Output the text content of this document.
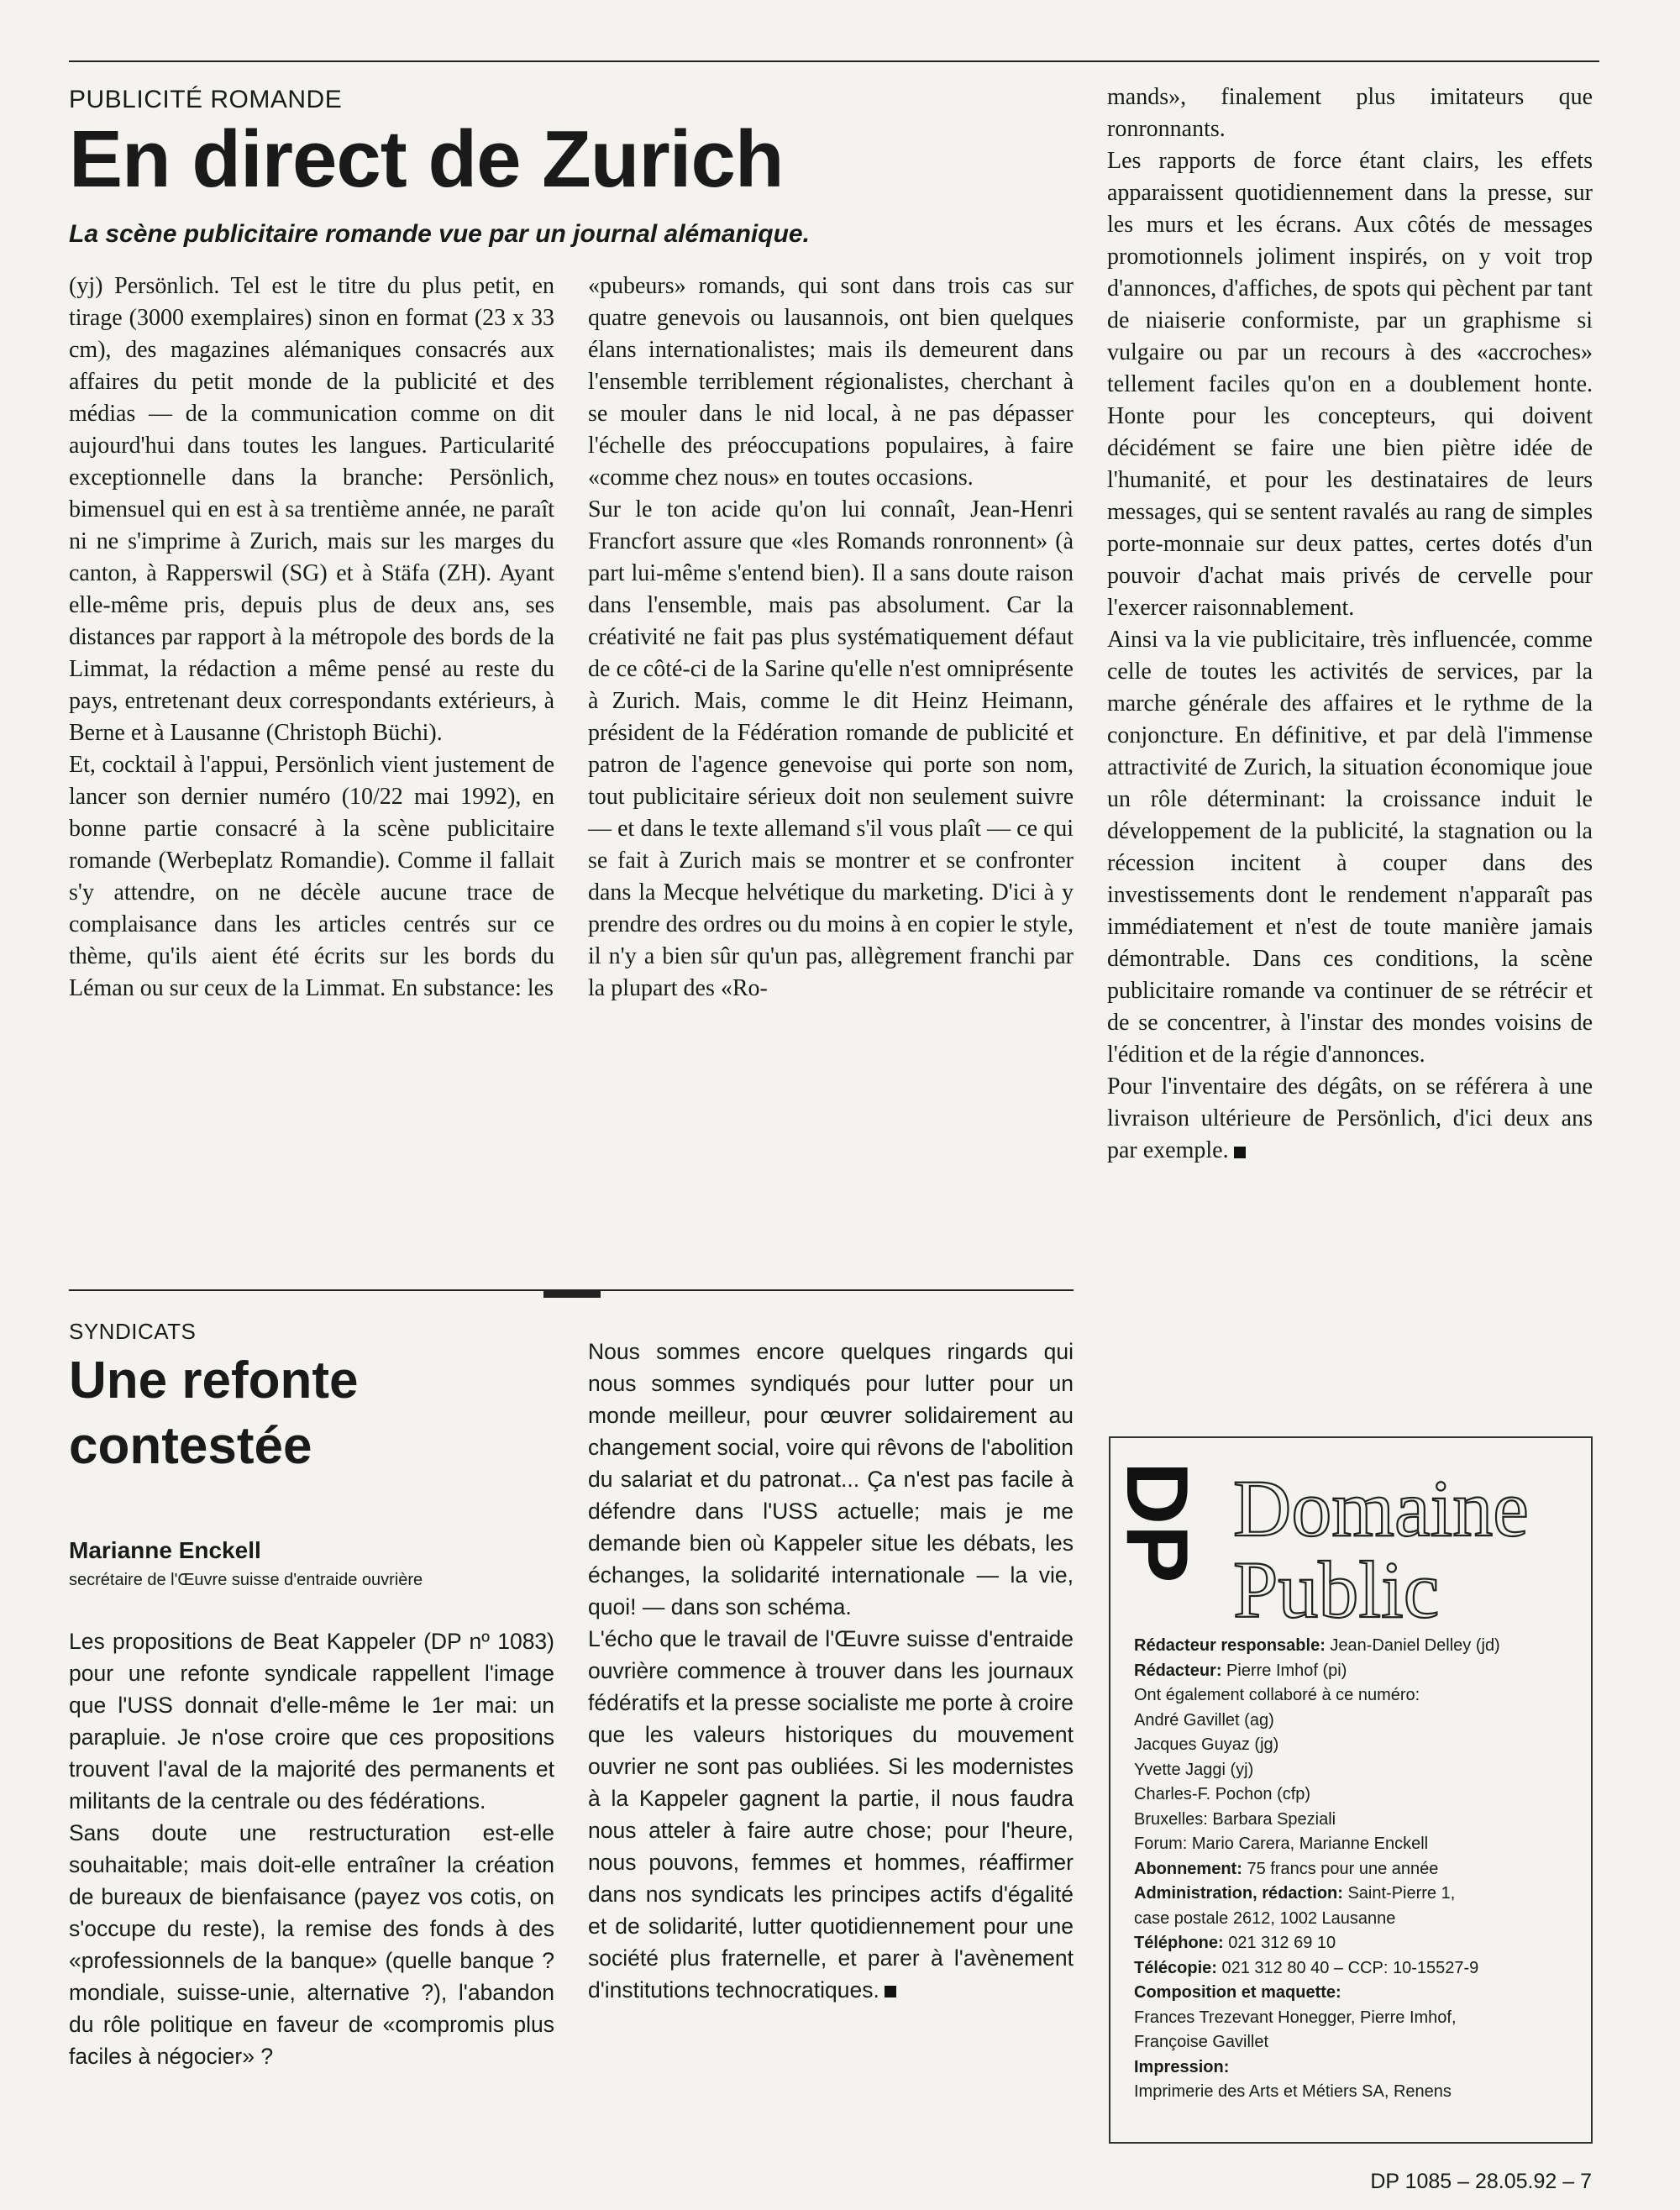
PUBLICITÉ ROMANDE
En direct de Zurich
La scène publicitaire romande vue par un journal alémanique.

(yj) Persönlich. Tel est le titre du plus petit, en tirage (3000 exemplaires) sinon en format (23 x 33 cm), des magazines alémaniques consacrés aux affaires du petit monde de la publicité et des médias — de la communication comme on dit aujourd'hui dans toutes les langues. Particularité exceptionnelle dans la branche: Persönlich, bimensuel qui en est à sa trentième année, ne paraît ni ne s'imprime à Zurich, mais sur les marges du canton, à Rapperswil (SG) et à Stäfa (ZH). Ayant elle-même pris, depuis plus de deux ans, ses distances par rapport à la métropole des bords de la Limmat, la rédaction a même pensé au reste du pays, entretenant deux correspondants extérieurs, à Berne et à Lausanne (Christoph Büchi).

Et, cocktail à l'appui, Persönlich vient justement de lancer son dernier numéro (10/22 mai 1992), en bonne partie consacré à la scène publicitaire romande (Werbeplatz Romandie). Comme il fallait s'y attendre, on ne décèle aucune trace de complaisance dans les articles centrés sur ce thème, qu'ils aient été écrits sur les bords du Léman ou sur ceux de la Limmat. En substance: les

«pubeurs» romands, qui sont dans trois cas sur quatre genevois ou lausannois, ont bien quelques élans internationalistes; mais ils demeurent dans l'ensemble terriblement régionalistes, cherchant à se mouler dans le nid local, à ne pas dépasser l'échelle des préoccupations populaires, à faire «comme chez nous» en toutes occasions.

Sur le ton acide qu'on lui connaît, Jean-Henri Francfort assure que «les Romands ronronnent» (à part lui-même s'entend bien). Il a sans doute raison dans l'ensemble, mais pas absolument. Car la créativité ne fait pas plus systématiquement défaut de ce côté-ci de la Sarine qu'elle n'est omniprésente à Zurich. Mais, comme le dit Heinz Heimann, président de la Fédération romande de publicité et patron de l'agence genevoise qui porte son nom, tout publicitaire sérieux doit non seulement suivre — et dans le texte allemand s'il vous plaît — ce qui se fait à Zurich mais se montrer et se confronter dans la Mecque helvétique du marketing. D'ici à y prendre des ordres ou du moins à en copier le style, il n'y a bien sûr qu'un pas, allègrement franchi par la plupart des «Ro-

mands», finalement plus imitateurs que ronronnants.

Les rapports de force étant clairs, les effets apparaissent quotidiennement dans la presse, sur les murs et les écrans. Aux côtés de messages promotionnels joliment inspirés, on y voit trop d'annonces, d'affiches, de spots qui pèchent par tant de niaiserie conformiste, par un graphisme si vulgaire ou par un recours à des «accroches» tellement faciles qu'on en a doublement honte. Honte pour les concepteurs, qui doivent décidément se faire une bien piètre idée de l'humanité, et pour les destinataires de leurs messages, qui se sentent ravalés au rang de simples porte-monnaie sur deux pattes, certes dotés d'un pouvoir d'achat mais privés de cervelle pour l'exercer raisonnablement.

Ainsi va la vie publicitaire, très influencée, comme celle de toutes les activités de services, par la marche générale des affaires et le rythme de la conjoncture. En définitive, et par delà l'immense attractivité de Zurich, la situation économique joue un rôle déterminant: la croissance induit le développement de la publicité, la stagnation ou la récession incitent à couper dans des investissements dont le rendement n'apparaît pas immédiatement et n'est de toute manière jamais démontrable. Dans ces conditions, la scène publicitaire romande va continuer de se rétrécir et de se concentrer, à l'instar des mondes voisins de l'édition et de la régie d'annonces.

Pour l'inventaire des dégâts, on se référera à une livraison ultérieure de Persönlich, d'ici deux ans par exemple.

SYNDICATS
Une refonte contestée
Marianne Enckell
secrétaire de l'Œuvre suisse d'entraide ouvrière

Les propositions de Beat Kappeler (DP nº 1083) pour une refonte syndicale rappellent l'image que l'USS donnait d'elle-même le 1er mai: un parapluie. Je n'ose croire que ces propositions trouvent l'aval de la majorité des permanents et militants de la centrale ou des fédérations.

Sans doute une restructuration est-elle souhaitable; mais doit-elle entraîner la création de bureaux de bienfaisance (payez vos cotis, on s'occupe du reste), la remise des fonds à des «professionnels de la banque» (quelle banque ? mondiale, suisse-unie, alternative ?), l'abandon du rôle politique en faveur de «compromis plus faciles à négocier» ?

Nous sommes encore quelques ringards qui nous sommes syndiqués pour lutter pour un monde meilleur, pour œuvrer solidairement au changement social, voire qui rêvons de l'abolition du salariat et du patronat... Ça n'est pas facile à défendre dans l'USS actuelle; mais je me demande bien où Kappeler situe les débats, les échanges, la solidarité internationale — la vie, quoi! — dans son schéma.

L'écho que le travail de l'Œuvre suisse d'entraide ouvrière commence à trouver dans les journaux fédératifs et la presse socialiste me porte à croire que les valeurs historiques du mouvement ouvrier ne sont pas oubliées. Si les modernistes à la Kappeler gagnent la partie, il nous faudra nous atteler à faire autre chose; pour l'heure, nous pouvons, femmes et hommes, réaffirmer dans nos syndicats les principes actifs d'égalité et de solidarité, lutter quotidiennement pour une société plus fraternelle, et parer à l'avènement d'institutions technocratiques.

DP Domaine
Public
Rédacteur responsable: Jean-Daniel Delley (jd)
Rédacteur: Pierre Imhof (pi)
Ont également collaboré à ce numéro:
André Gavillet (ag)
Jacques Guyaz (jg)
Yvette Jaggi (yj)
Charles-F. Pochon (cfp)
Bruxelles: Barbara Speziali
Forum: Mario Carera, Marianne Enckell
Abonnement: 75 francs pour une année
Administration, rédaction: Saint-Pierre 1,
case postale 2612, 1002 Lausanne
Téléphone: 021 312 69 10
Télécopie: 021 312 80 40 – CCP: 10-15527-9
Composition et maquette:
Frances Trezevant Honegger, Pierre Imhof,
Françoise Gavillet
Impression:
Imprimerie des Arts et Métiers SA, Renens
DP 1085 – 28.05.92 – 7
